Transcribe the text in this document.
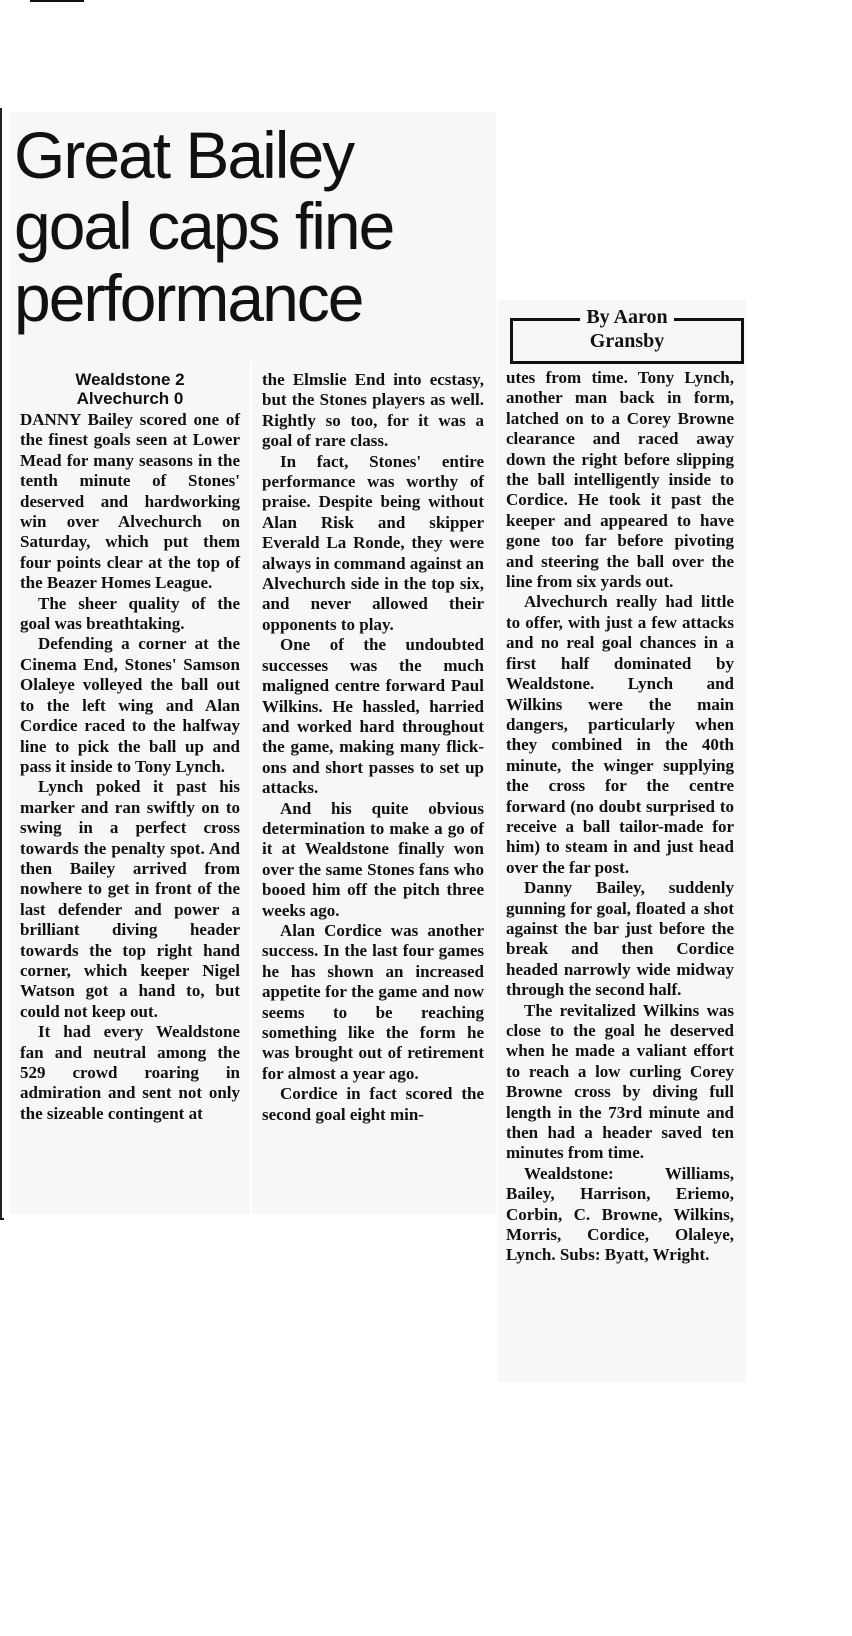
Great Bailey
goal caps fine
performance	By Aaron
Gransby
Wealdstone 2
Alvechurch 0

DANNY Bailey scored one of the finest goals seen at Lower Mead for many seasons in the tenth minute of Stones' deserved and hardworking win over Alvechurch on Saturday, which put them four points clear at the top of the Beazer Homes League.

The sheer quality of the goal was breathtaking.

Defending a corner at the Cinema End, Stones' Samson Olaleye volleyed the ball out to the left wing and Alan Cordice raced to the halfway line to pick the ball up and pass it inside to Tony Lynch.

Lynch poked it past his marker and ran swiftly on to swing in a perfect cross towards the penalty spot. And then Bailey arrived from nowhere to get in front of the last defender and power a brilliant diving header towards the top right hand corner, which keeper Nigel Watson got a hand to, but could not keep out.

It had every Wealdstone fan and neutral among the 529 crowd roaring in admiration and sent not only the sizeable contingent at

the Elmslie End into ecstasy, but the Stones players as well. Rightly so too, for it was a goal of rare class.

In fact, Stones' entire performance was worthy of praise. Despite being without Alan Risk and skipper Everald La Ronde, they were always in command against an Alvechurch side in the top six, and never allowed their opponents to play.

One of the undoubted successes was the much maligned centre forward Paul Wilkins. He hassled, harried and worked hard throughout the game, making many flick-ons and short passes to set up attacks.

And his quite obvious determination to make a go of it at Wealdstone finally won over the same Stones fans who booed him off the pitch three weeks ago.

Alan Cordice was another success. In the last four games he has shown an increased appetite for the game and now seems to be reaching something like the form he was brought out of retirement for almost a year ago.

Cordice in fact scored the second goal eight min-

utes from time. Tony Lynch, another man back in form, latched on to a Corey Browne clearance and raced away down the right before slipping the ball intelligently inside to Cordice. He took it past the keeper and appeared to have gone too far before pivoting and steering the ball over the line from six yards out.

Alvechurch really had little to offer, with just a few attacks and no real goal chances in a first half dominated by Wealdstone. Lynch and Wilkins were the main dangers, particularly when they combined in the 40th minute, the winger supplying the cross for the centre forward (no doubt surprised to receive a ball tailor-made for him) to steam in and just head over the far post.

Danny Bailey, suddenly gunning for goal, floated a shot against the bar just before the break and then Cordice headed narrowly wide midway through the second half.

The revitalized Wilkins was close to the goal he deserved when he made a valiant effort to reach a low curling Corey Browne cross by diving full length in the 73rd minute and then had a header saved ten minutes from time.

Wealdstone:	Williams, Bailey, Harrison, Eriemo, Corbin, C. Browne, Wilkins, Morris, Cordice, Olaleye, Lynch. Subs: Byatt, Wright.
